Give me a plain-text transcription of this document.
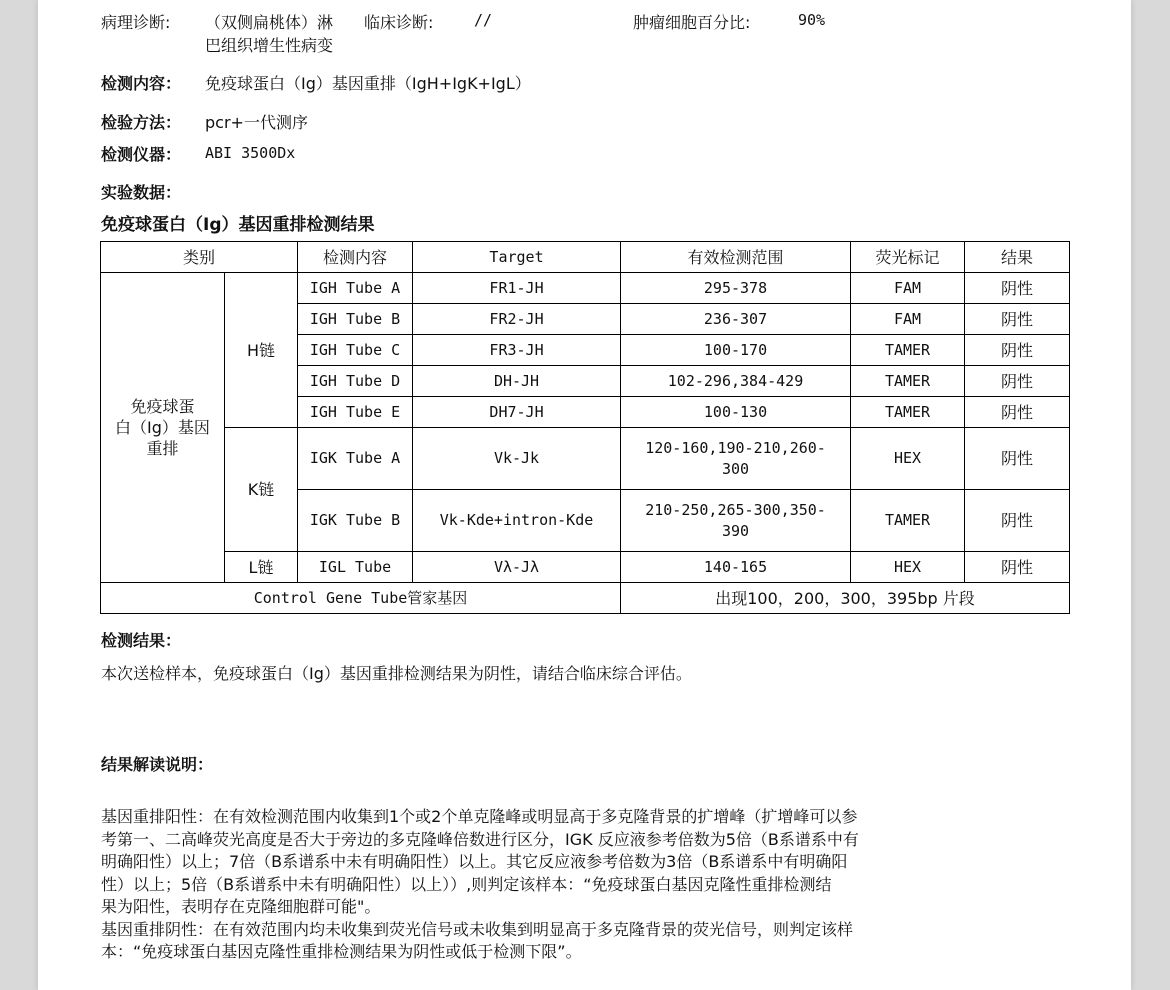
病理诊断: （双侧扁桃体）淋 临床诊断:	//	肿瘤细胞百分比:	90%
巴组织增生性病变
检测内容： 免疫球蛋白（Ig）基因重排（IgH+IgK+IgL）
检验方法： pcr+一代测序
检测仪器： ABI 3500Dx
实验数据：
免疫球蛋白（Ig）基因重排检测结果
类别		检测内容	Target	有效检测范围	荧光标记	结果

免疫球蛋
白（Ig）基因
重排	H链	IGH Tube A	FR1-JH	295-378	FAM	阴性
		IGH Tube B	FR2-JH	236-307	FAM	阴性
		IGH Tube C	FR3-JH	100-170	TAMER	阴性
		IGH Tube D	DH-JH	102-296,384-429	TAMER	阴性
		IGH Tube E	DH7-JH	100-130	TAMER	阴性
	K链	IGK Tube A	Vk-Jk	120-160,190-210,260-
300	HEX	阴性
		IGK Tube B	Vk-Kde+intron-Kde	210-250,265-300,350-
390	TAMER	阴性
	L链	IGL Tube	Vλ-Jλ	140-165	HEX	阴性
Control Gene Tube管家基因				出现100，200，300，395bp 片段		
检测结果：
本次送检样本，免疫球蛋白（Ig）基因重排检测结果为阴性，请结合临床综合评估。
结果解读说明：

基因重排阳性：在有效检测范围内收集到1个或2个单克隆峰或明显高于多克隆背景的扩增峰（扩增峰可以参

考第一、二高峰荧光高度是否大于旁边的多克隆峰倍数进行区分，IGK 反应液参考倍数为5倍（B系谱系中有

明确阳性）以上；7倍（B系谱系中未有明确阳性）以上。其它反应液参考倍数为3倍（B系谱系中有明确阳

性）以上；5倍（B系谱系中未有明确阳性）以上））,则判定该样本：“免疫球蛋白基因克隆性重排检测结

果为阳性，表明存在克隆细胞群可能"。

基因重排阴性：在有效范围内均未收集到荧光信号或未收集到明显高于多克隆背景的荧光信号，则判定该样

本：“免疫球蛋白基因克隆性重排检测结果为阴性或低于检测下限”。
